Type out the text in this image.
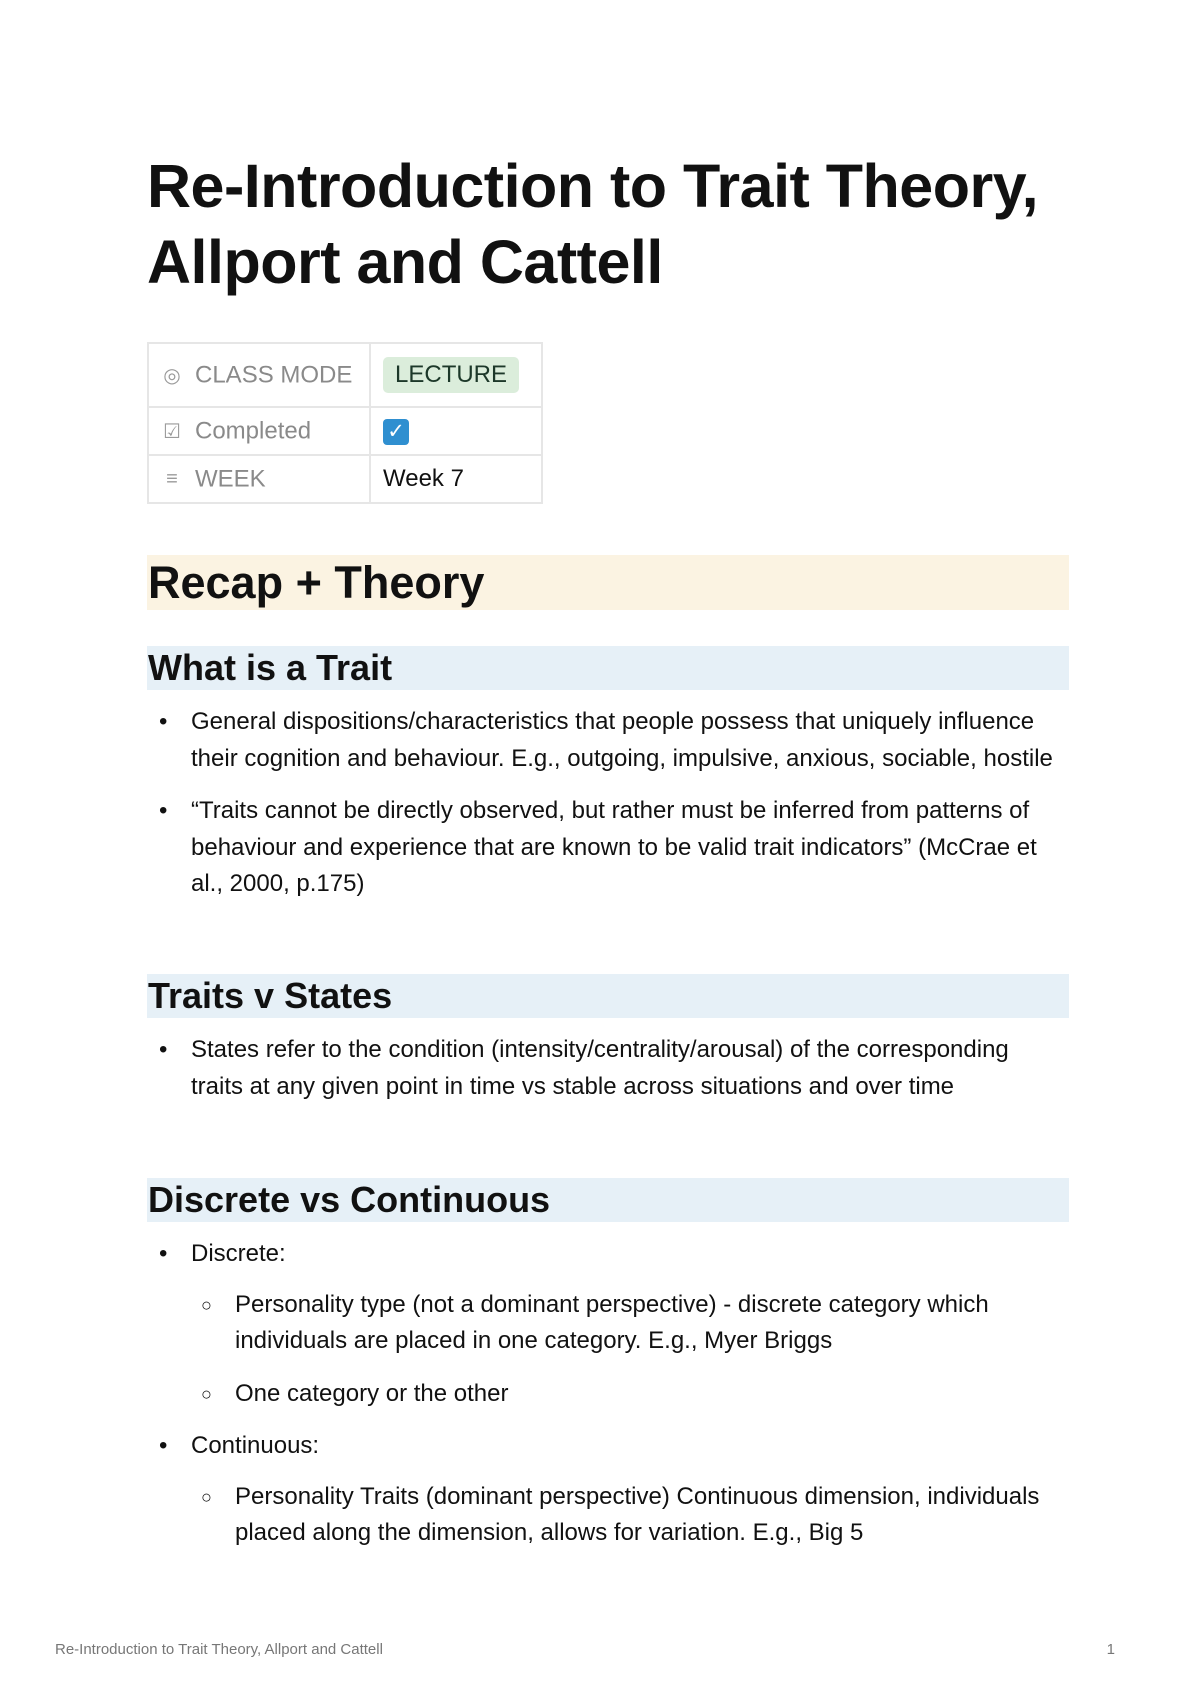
Re-Introduction to Trait Theory, Allport and Cattell
◎ CLASS MODE	LECTURE
☑ Completed	✓
≡ WEEK	Week 7
Recap + Theory
What is a Trait
• General dispositions/characteristics that people possess that uniquely influence their cognition and behaviour. E.g., outgoing, impulsive, anxious, sociable, hostile
• “Traits cannot be directly observed, but rather must be inferred from patterns of behaviour and experience that are known to be valid trait indicators” (McCrae et al., 2000, p.175)
Traits v States
• States refer to the condition (intensity/centrality/arousal) of the corresponding traits at any given point in time vs stable across situations and over time
Discrete vs Continuous
• Discrete:
○ Personality type (not a dominant perspective) - discrete category which individuals are placed in one category. E.g., Myer Briggs
○ One category or the other
• Continuous:
○ Personality Traits (dominant perspective) Continuous dimension, individuals placed along the dimension, allows for variation. E.g., Big 5
Re-Introduction to Trait Theory, Allport and Cattell	1
